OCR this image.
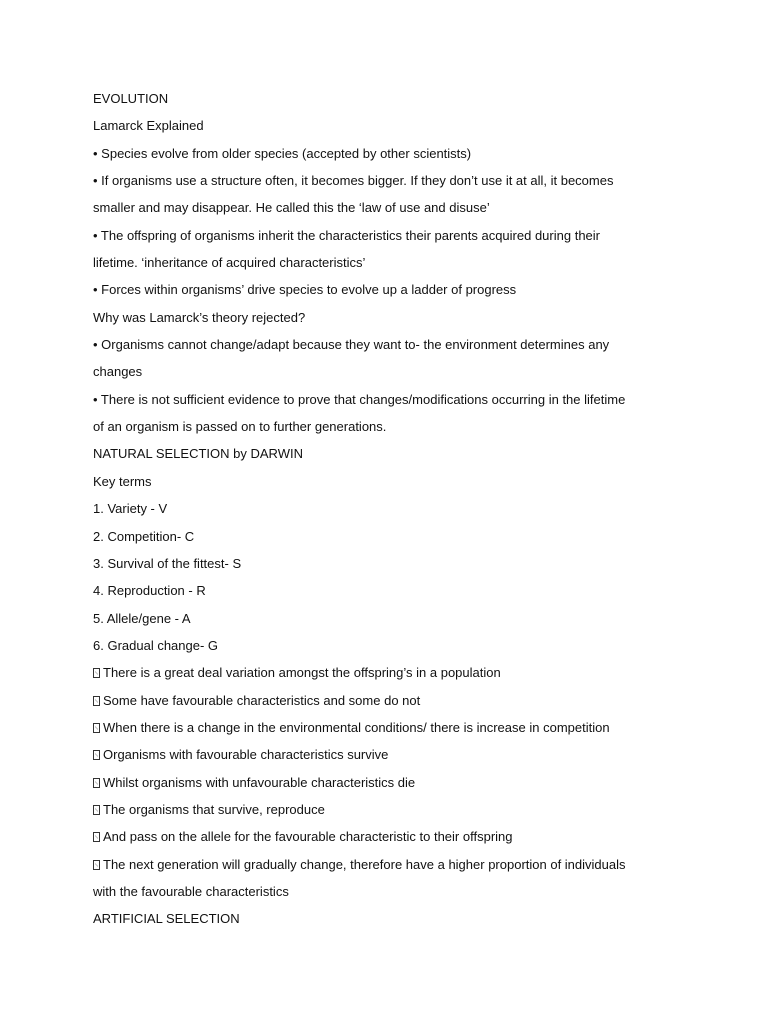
EVOLUTION
Lamarck Explained
• Species evolve from older species (accepted by other scientists)
• If organisms use a structure often, it becomes bigger. If they don’t use it at all, it becomes
smaller and may disappear. He called this the ‘law of use and disuse’
• The offspring of organisms inherit the characteristics their parents acquired during their
lifetime. ‘inheritance of acquired characteristics’
• Forces within organisms’ drive species to evolve up a ladder of progress
Why was Lamarck’s theory rejected?
• Organisms cannot change/adapt because they want to- the environment determines any
changes
• There is not sufficient evidence to prove that changes/modifications occurring in the lifetime
of an organism is passed on to further generations.
NATURAL SELECTION by DARWIN
Key terms
1. Variety - V
2. Competition- C
3. Survival of the fittest- S
4. Reproduction - R
5. Allele/gene - A
6. Gradual change- G
There is a great deal variation amongst the offspring’s in a population
Some have favourable characteristics and some do not
When there is a change in the environmental conditions/ there is increase in competition
Organisms with favourable characteristics survive
Whilst organisms with unfavourable characteristics die
The organisms that survive, reproduce
And pass on the allele for the favourable characteristic to their offspring
The next generation will gradually change, therefore have a higher proportion of individuals
with the favourable characteristics
ARTIFICIAL SELECTION
